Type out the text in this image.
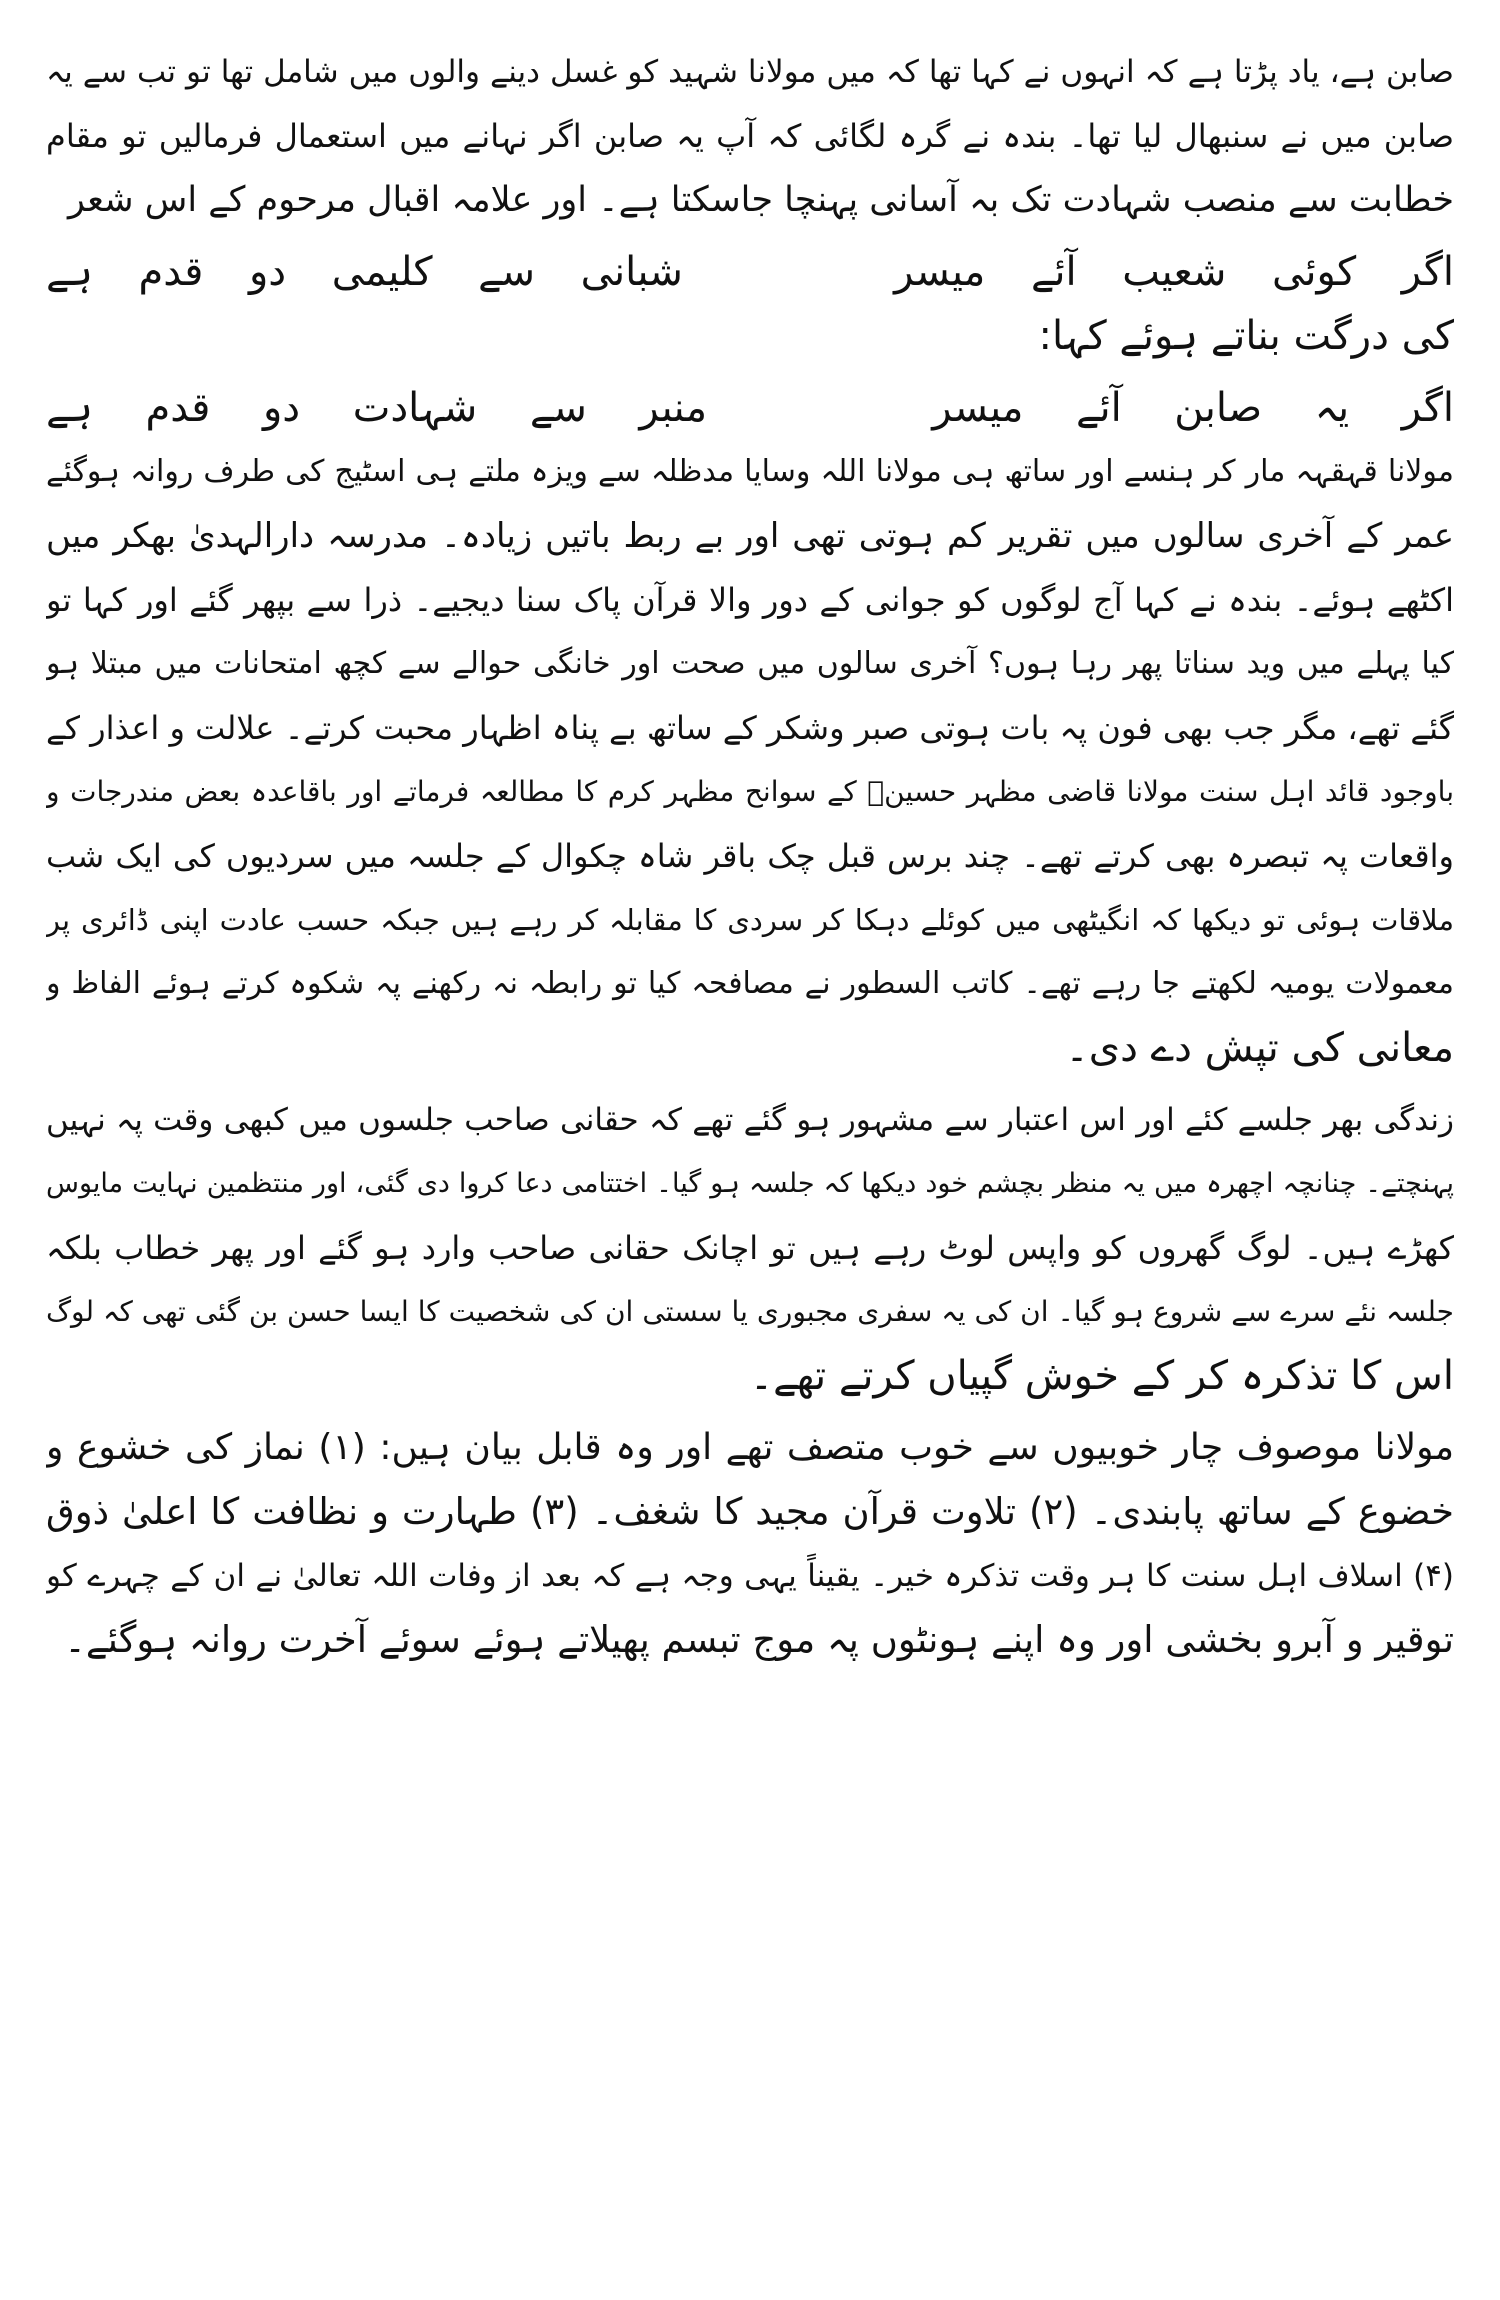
صابن ہے، یاد پڑتا ہے کہ انہوں نے کہا تھا کہ میں مولانا شہید کو غسل دینے والوں میں شامل تھا تو تب سے یہ

صابن میں نے سنبھال لیا تھا۔ بندہ نے گرہ لگائی کہ آپ یہ صابن اگر نہانے میں استعمال فرمالیں تو مقام

خطابت سے منصب شہادت تک بہ آسانی پہنچا جاسکتا ہے۔ اور علامہ اقبال مرحوم کے اس شعر

اگر
کوئی
شعیب
آئے
میسر
شبانی
سے
کلیمی
دو
قدم
ہے

کی درگت بناتے ہوئے کہا:

اگر
یہ
صابن
آئے
میسر
منبر
سے
شہادت
دو
قدم
ہے

مولانا قہقہہ مار کر ہنسے اور ساتھ ہی مولانا اللہ وسایا مدظلہ سے ویزہ ملتے ہی اسٹیج کی طرف روانہ ہوگئے

عمر کے آخری سالوں میں تقریر کم ہوتی تھی اور بے ربط باتیں زیادہ۔ مدرسہ دارالہدیٰ بھکر میں

اکٹھے ہوئے۔ بندہ نے کہا آج لوگوں کو جوانی کے دور والا قرآن پاک سنا دیجیے۔ ذرا سے بپھر گئے اور کہا تو

کیا پہلے میں وید سناتا پھر رہا ہوں؟ آخری سالوں میں صحت اور خانگی حوالے سے کچھ امتحانات میں مبتلا ہو

گئے تھے، مگر جب بھی فون پہ بات ہوتی صبر وشکر کے ساتھ بے پناہ اظہار محبت کرتے۔ علالت و اعذار کے

باوجود قائد اہل سنت مولانا قاضی مظہر حسینؒ کے سوانح مظہر کرم کا مطالعہ فرماتے اور باقاعدہ بعض مندرجات و

واقعات پہ تبصرہ بھی کرتے تھے۔ چند برس قبل چک باقر شاہ چکوال کے جلسہ میں سردیوں کی ایک شب

ملاقات ہوئی تو دیکھا کہ انگیٹھی میں کوئلے دہکا کر سردی کا مقابلہ کر رہے ہیں جبکہ حسب عادت اپنی ڈائری پر

معمولات یومیہ لکھتے جا رہے تھے۔ کاتب السطور نے مصافحہ کیا تو رابطہ نہ رکھنے پہ شکوہ کرتے ہوئے الفاظ و

معانی کی تپش دے دی۔

زندگی بھر جلسے کئے اور اس اعتبار سے مشہور ہو گئے تھے کہ حقانی صاحب جلسوں میں کبھی وقت پہ نہیں

پہنچتے۔ چنانچہ اچھرہ میں یہ منظر بچشم خود دیکھا کہ جلسہ ہو گیا۔ اختتامی دعا کروا دی گئی، اور منتظمین نہایت مایوس

کھڑے ہیں۔ لوگ گھروں کو واپس لوٹ رہے ہیں تو اچانک حقانی صاحب وارد ہو گئے اور پھر خطاب بلکہ

جلسہ نئے سرے سے شروع ہو گیا۔ ان کی یہ سفری مجبوری یا سستی ان کی شخصیت کا ایسا حسن بن گئی تھی کہ لوگ

اس کا تذکرہ کر کے خوش گپیاں کرتے تھے۔

مولانا موصوف چار خوبیوں سے خوب متصف تھے اور وہ قابل بیان ہیں: (۱) نماز کی خشوع و

خضوع کے ساتھ پابندی۔ (۲) تلاوت قرآن مجید کا شغف۔ (۳) طہارت و نظافت کا اعلیٰ ذوق

(۴) اسلاف اہل سنت کا ہر وقت تذکرہ خیر۔ یقیناً یہی وجہ ہے کہ بعد از وفات اللہ تعالیٰ نے ان کے چہرے کو

توقیر و آبرو بخشی اور وہ اپنے ہونٹوں پہ موج تبسم پھیلاتے ہوئے سوئے آخرت روانہ ہوگئے۔
